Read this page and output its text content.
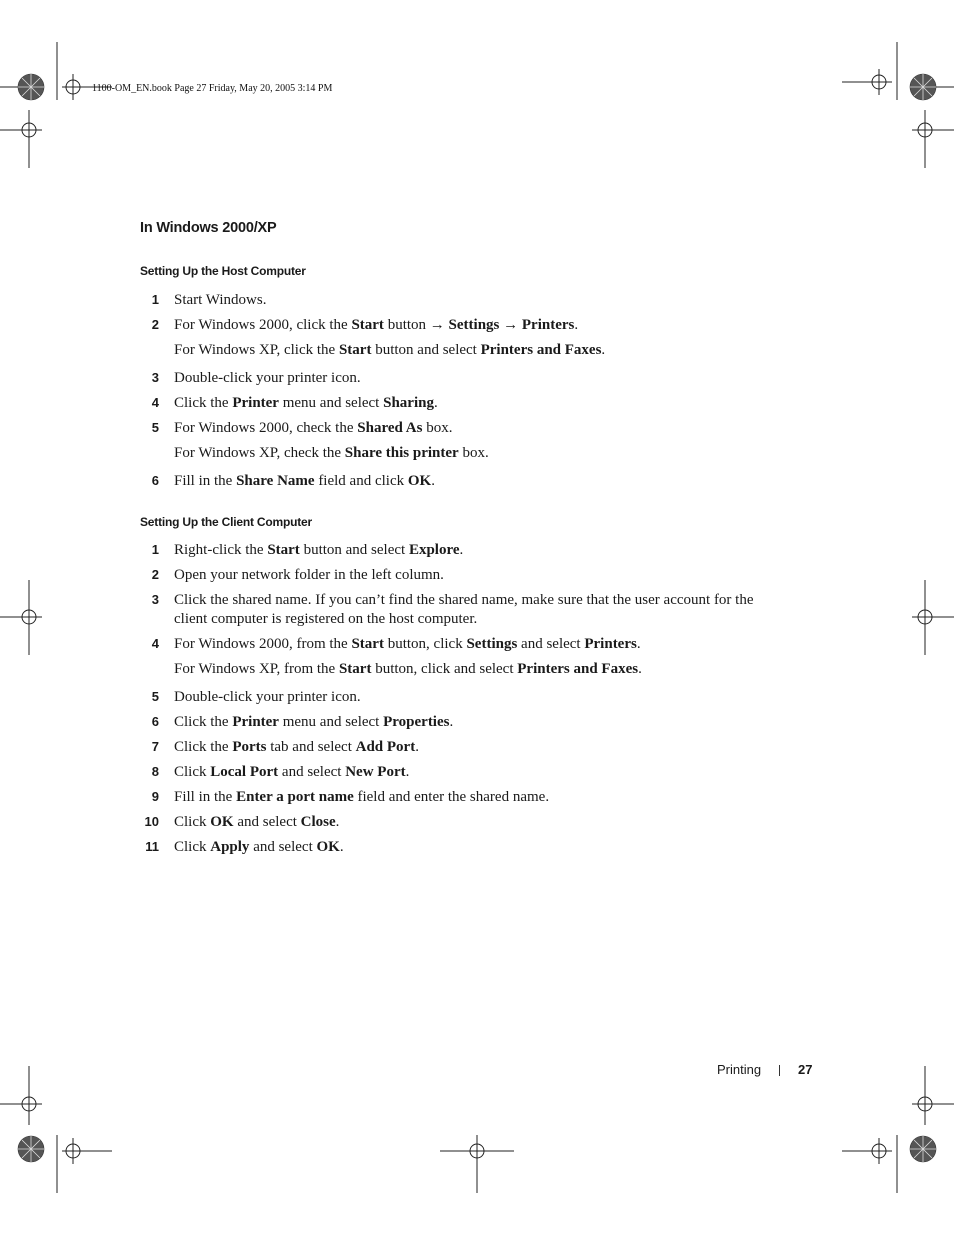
1100-OM_EN.book Page 27 Friday, May 20, 2005 3:14 PM
In Windows 2000/XP
Setting Up the Host Computer
1 Start Windows.
2 For Windows 2000, click the Start button → Settings → Printers.
For Windows XP, click the Start button and select Printers and Faxes.
3 Double-click your printer icon.
4 Click the Printer menu and select Sharing.
5 For Windows 2000, check the Shared As box.
For Windows XP, check the Share this printer box.
6 Fill in the Share Name field and click OK.
Setting Up the Client Computer
1 Right-click the Start button and select Explore.
2 Open your network folder in the left column.
3 Click the shared name. If you can’t find the shared name, make sure that the user account for the client computer is registered on the host computer.
4 For Windows 2000, from the Start button, click Settings and select Printers.
For Windows XP, from the Start button, click and select Printers and Faxes.
5 Double-click your printer icon.
6 Click the Printer menu and select Properties.
7 Click the Ports tab and select Add Port.
8 Click Local Port and select New Port.
9 Fill in the Enter a port name field and enter the shared name.
10 Click OK and select Close.
11 Click Apply and select OK.
Printing	27
